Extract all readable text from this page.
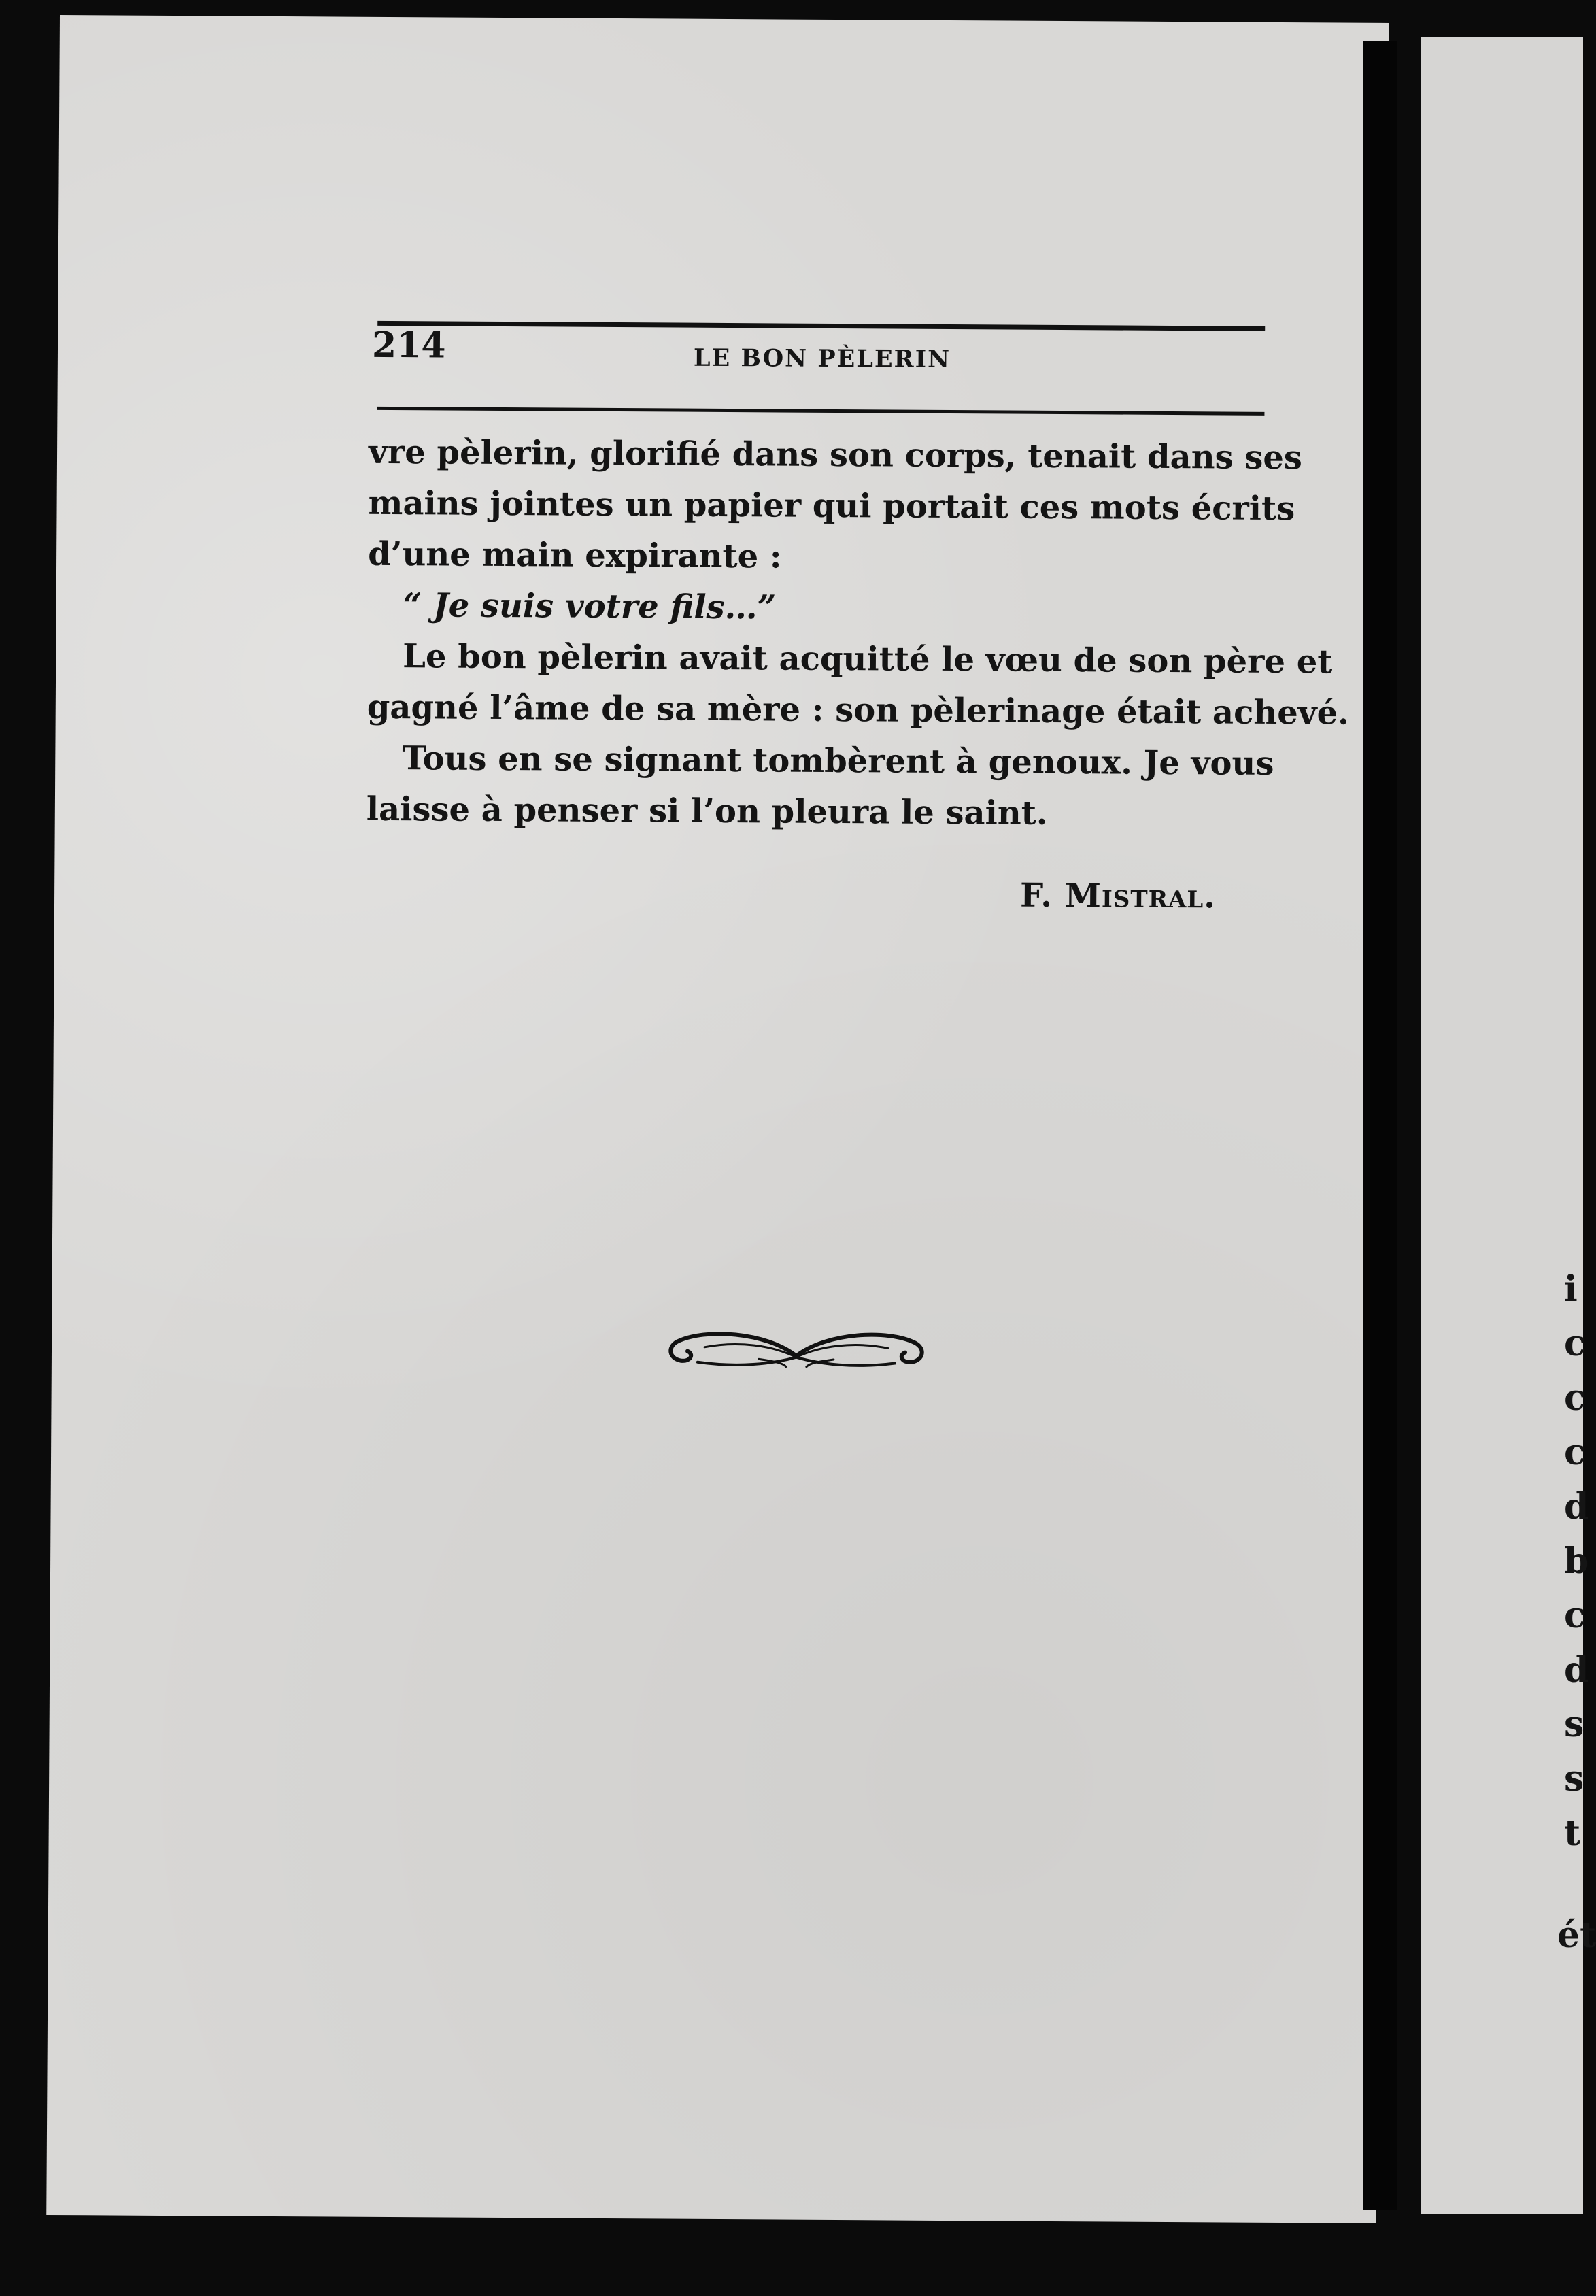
214	LE BON PÈLERIN
vre pèlerin, glorifié dans son corps, tenait dans ses
mains jointes un papier qui portait ces mots écrits
d’une main expirante :
“ Je suis votre fils…”
Le bon pèlerin avait acquitté le vœu de son père et
gagné l’âme de sa mère : son pèlerinage était achevé.
Tous en se signant tombèrent à genoux. Je vous
laisse à penser si l’on pleura le saint.
F. Mistral.
i
c
c
c
d
b
c
d
s
s
t
ét
